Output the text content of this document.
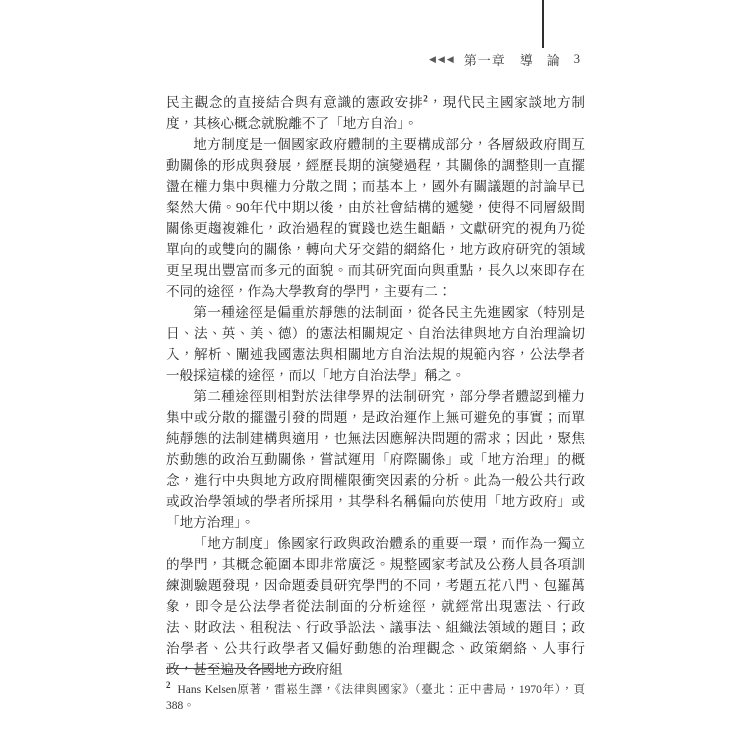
◀◀◀ 第一章 導論 3

民主觀念的直接結合與有意識的憲政安排$^2$，現代民主國家談地方制度，其核心概念就脫離不了「地方自治」。

地方制度是一個國家政府體制的主要構成部分，各層級政府間互動關係的形成與發展，經歷長期的演變過程，其關係的調整則一直擺盪在權力集中與權力分散之間；而基本上，國外有關議題的討論早已粲然大備。90年代中期以後，由於社會結構的遞變，使得不同層級間關係更趨複雜化，政治過程的實踐也迭生齟齬，文獻研究的視角乃從單向的或雙向的關係，轉向犬牙交錯的網絡化，地方政府研究的領域更呈現出豐富而多元的面貌。而其研究面向與重點，長久以來即存在不同的途徑，作為大學教育的學門，主要有二：

第一種途徑是偏重於靜態的法制面，從各民主先進國家（特別是日、法、英、美、德）的憲法相關規定、自治法律與地方自治理論切入，解析、闡述我國憲法與相關地方自治法規的規範內容，公法學者一般採這樣的途徑，而以「地方自治法學」稱之。

第二種途徑則相對於法律學界的法制研究，部分學者體認到權力集中或分散的擺盪引發的問題，是政治運作上無可避免的事實；而單純靜態的法制建構與適用，也無法因應解決問題的需求；因此，聚焦於動態的政治互動關係，嘗試運用「府際關係」或「地方治理」的概念，進行中央與地方政府間權限衝突因素的分析。此為一般公共行政或政治學領域的學者所採用，其學科名稱偏向於使用「地方政府」或「地方治理」。

「地方制度」係國家行政與政治體系的重要一環，而作為一獨立的學門，其概念範圍本即非常廣泛。規整國家考試及公務人員各項訓練測驗題發現，因命題委員研究學門的不同，考題五花八門、包羅萬象，即令是公法學者從法制面的分析途徑，就經常出現憲法、行政法、財政法、租稅法、行政爭訟法、議事法、組織法領域的題目；政治學者、公共行政學者又偏好動態的治理觀念、政策網絡、人事行政，甚至遍及各國地方政府組

$^2$ Hans Kelsen原著，雷崧生譯，《法律與國家》（臺北：正中書局，1970年），頁388。
